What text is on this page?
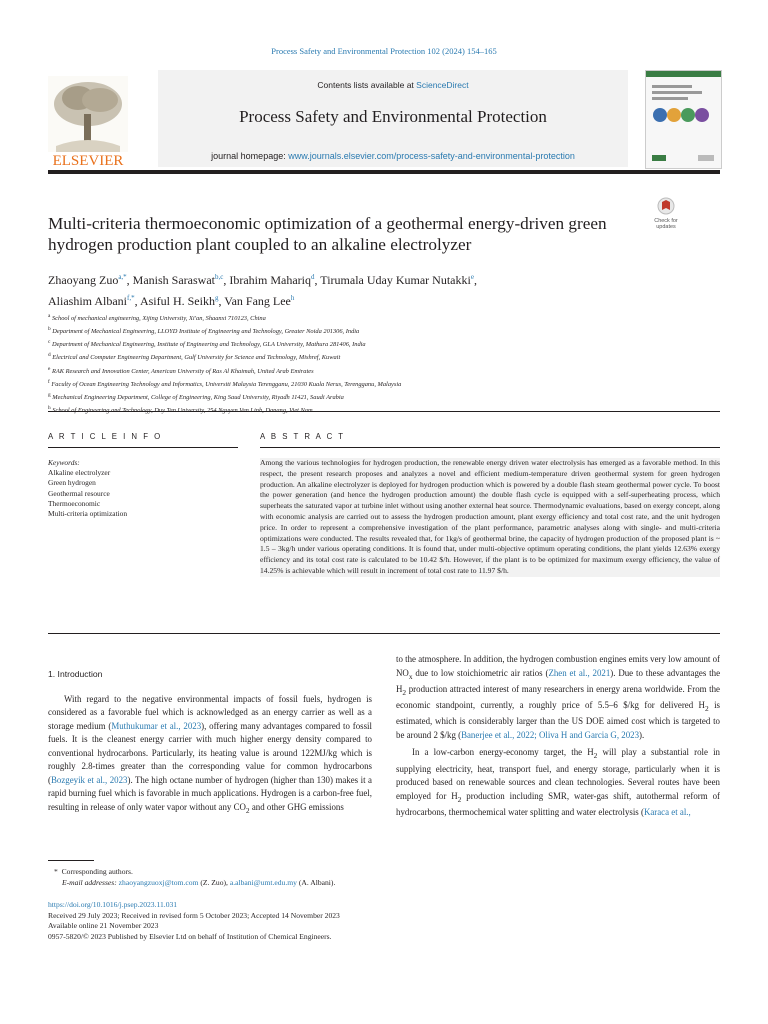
Process Safety and Environmental Protection 102 (2024) 154–165
ELSEVIER
Contents lists available at ScienceDirect
Process Safety and Environmental Protection
journal homepage: www.journals.elsevier.com/process-safety-and-environmental-protection
Multi-criteria thermoeconomic optimization of a geothermal energy-driven green hydrogen production plant coupled to an alkaline electrolyzer
Check for
updates
Zhaoyang Zuo$^{a,*}$, Manish Saraswat$^{b,c}$, Ibrahim Mahariq$^d$, Tirumala Uday Kumar Nutakki$^e$,
Aliashim Albani$^{f,*}$, Asiful H. Seikh$^g$, Van Fang Lee$^h$
$^a$ School of mechanical engineering, Xijing University, Xi'an, Shaanxi 710123, China
$^b$ Department of Mechanical Engineering, LLOYD Institute of Engineering and Technology, Greater Noida 201306, India
$^c$ Department of Mechanical Engineering, Institute of Engineering and Technology, GLA University, Mathura 281406, India
$^d$ Electrical and Computer Engineering Department, Gulf University for Science and Technology, Mishref, Kuwait
$^e$ RAK Research and Innovation Center, American University of Ras Al Khaimah, United Arab Emirates
$^f$ Faculty of Ocean Engineering Technology and Informatics, Universiti Malaysia Terengganu, 21030 Kuala Nerus, Terengganu, Malaysia
$^g$ Mechanical Engineering Department, College of Engineering, King Saud University, Riyadh 11421, Saudi Arabia
$^h$
A R T I C L E I N F O	A B S T R A C T
Keywords:
Alkaline electrolyzer
Green hydrogen
Geothermal resource
Thermoeconomic
Multi-criteria optimization
Among the various technologies for hydrogen production, the renewable energy driven water electrolysis has emerged as a favorable method. In this respect, the present research proposes and analyzes a novel and efficient medium-temperature driven geothermal system for green hydrogen production. An alkaline electrolyzer is deployed for hydrogen production which is powered by a double flash steam geothermal power cycle. To boost the power generation (and hence the hydrogen production amount) the double flash cycle is equipped with a self-superheating process, which superheats the saturated vapor at turbine inlet without using another external heat source. Thermodynamic evaluations, based on exergy concept, along with economic analysis are carried out to assess the hydrogen production amount, plant exergy efficiency and total cost rate, and the unit hydrogen price. In order to represent a comprehensive investigation of the plant performance, parametric analyses along with single- and multi-criteria optimizations were conducted. The results revealed that, for 1kg/s of geothermal brine, the capacity of hydrogen production of the proposed plant is ~ 1.5 – 3kg/h under various operating conditions. It is found that, under multi-objective optimum operating conditions, the plant yields 12.63% exergy efficiency and its total cost rate is calculated to be 10.42 $/h. However, if the plant is to be optimized for maximum exergy efficiency, the value of 14.25% is achievable which will result in increment of total cost rate to 11.97 $/h.
1. Introduction

With regard to the negative environmental impacts of fossil fuels, hydrogen is considered as a favorable fuel which is acknowledged as an energy carrier as well as a storage medium (Muthukumar et al., 2023), offering many advantages compared to fossil fuels. It is the cleanest energy carrier with much higher energy density compared to conventional hydrocarbons. Particularly, its heating value is around 122MJ/kg which is roughly 2.8-times greater than the corresponding value for common hydrocarbons (Bozgeyik et al., 2023). The high octane number of hydrogen (higher than 130) makes it a rapid burning fuel which is favorable in much applications. Hydrogen is a carbon-free fuel, resulting in release of only water vapor without any $CO_2$ and other GHG emissions

to the atmosphere. In addition, the hydrogen combustion engines emits very low amount of $NO_x$ due to low stoichiometric air ratios (Zhen et al., 2021). Due to these advantages the $H_2$ production attracted interest of many researchers in energy arena worldwide. From the economic standpoint, currently, a roughly price of 5.5–6 $/kg for delivered $H_2$ is estimated, which is considerably larger than the US DOE aimed cost which is targeted to be around 2 $/kg (Banerjee et al., 2022; Oliva H and Garcia G, 2023).

In a low-carbon energy-economy target, the $H_2$ will play a substantial role in supplying electricity, heat, transport fuel, and energy storage, particularly when it is produced based on renewable sources and clean technologies. Several routes have been employed for $H_2$ production including SMR, water-gas shift, autothermal reform of hydrocarbons, thermochemical water splitting and water electrolysis (Karaca et al.,

* Corresponding authors.
E-mail addresses: zhaoyangzuoxj@tom.com (Z. Zuo), a.albani@umt.edu.my (A. Albani).
https://doi.org/10.1016/j.psep.2023.11.031
Received 29 July 2023; Received in revised form 5 October 2023; Accepted 14 November 2023
Available online 21 November 2023
0957-5820/© 2023 Published by Elsevier Ltd on behalf of Institution of Chemical Engineers.
